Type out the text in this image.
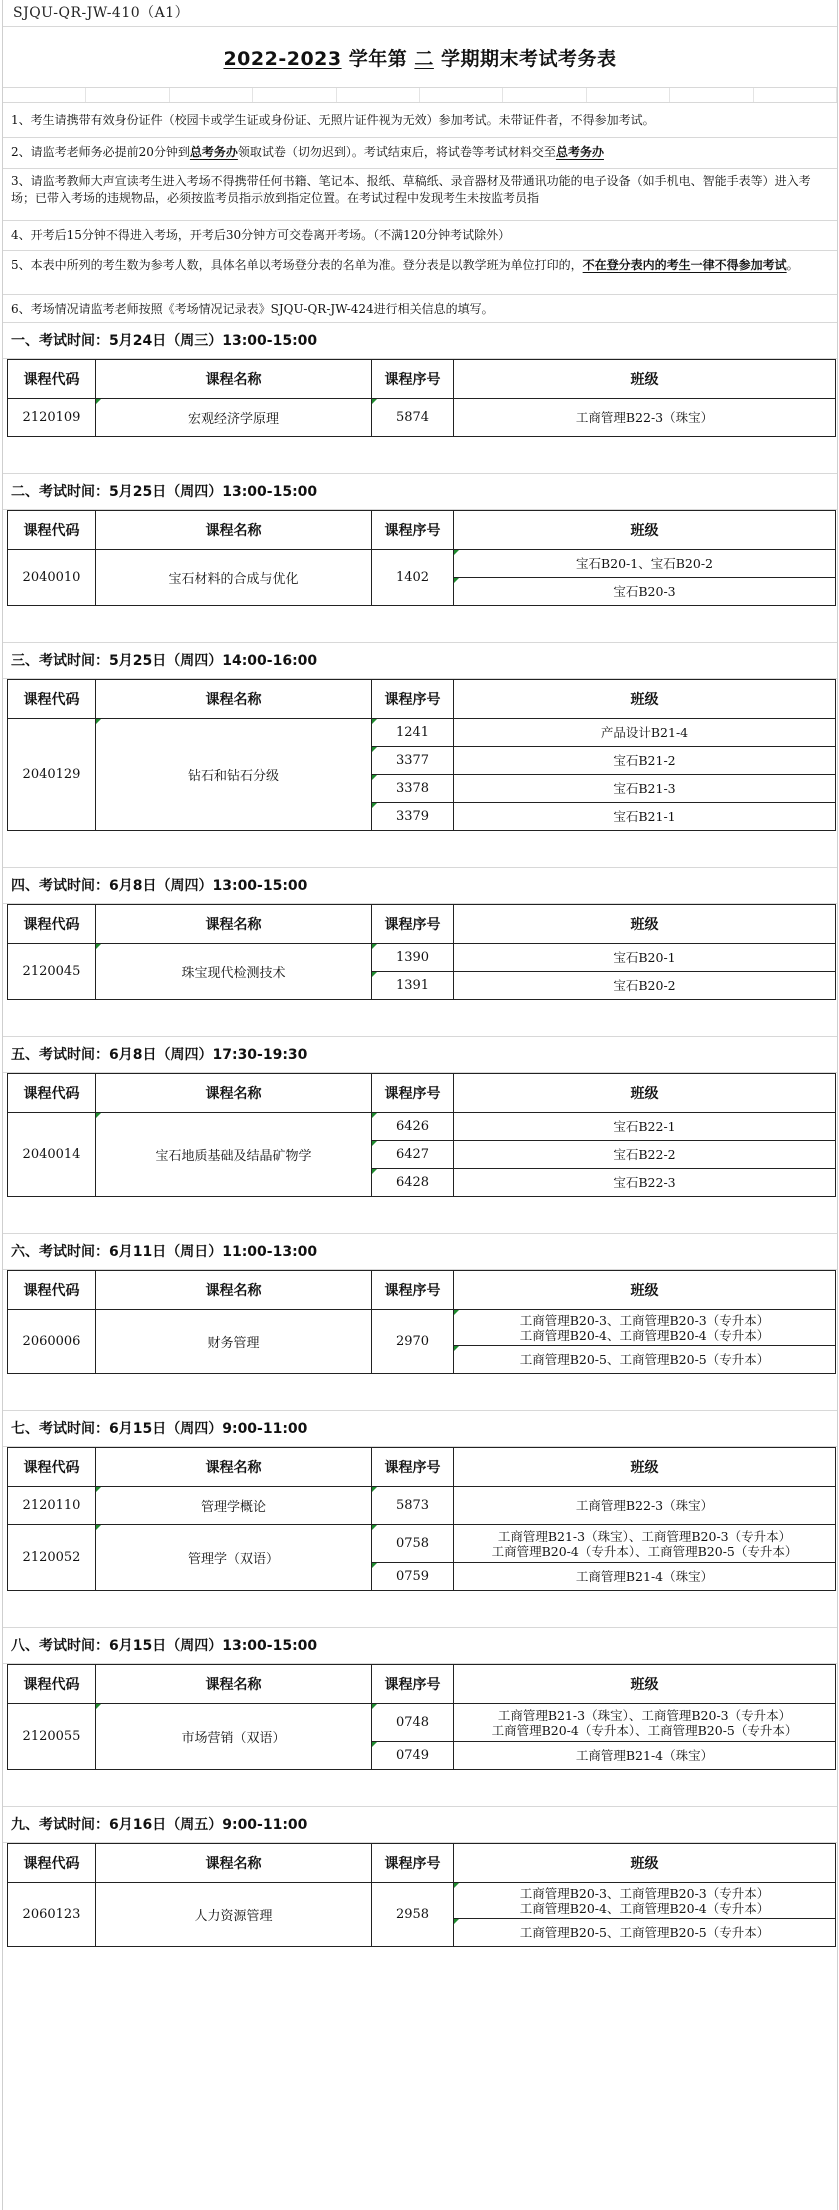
SJQU-QR-JW-410（A1）
2022-2023 学年第 二 学期期末考试考务表
1、考生请携带有效身份证件（校园卡或学生证或身份证、无照片证件视为无效）参加考试。未带证件者，不得参加考试。
2、请监考老师务必提前20分钟到总考务办领取试卷（切勿迟到）。考试结束后，将试卷等考试材料交至总考务办
3、请监考教师大声宣读考生进入考场不得携带任何书籍、笔记本、报纸、草稿纸、录音器材及带通讯功能的电子设备（如手机电、智能手表等）进入考场；已带入考场的违规物品，必须按监考员指示放到指定位置。在考试过程中发现考生未按监考员指
4、开考后15分钟不得进入考场，开考后30分钟方可交卷离开考场。（不满120分钟考试除外）
5、本表中所列的考生数为参考人数，具体名单以考场登分表的名单为准。登分表是以教学班为单位打印的，不在登分表内的考生一律不得参加考试。
6、考场情况请监考老师按照《考场情况记录表》SJQU-QR-JW-424进行相关信息的填写。
一、考试时间：5月24日（周三）13:00-15:00
课程代码	课程名称	课程序号	班级
2120109	宏观经济学原理	5874	工商管理B22-3（珠宝）
二、考试时间：5月25日（周四）13:00-15:00
课程代码	课程名称	课程序号	班级
2040010	宝石材料的合成与优化	1402	宝石B20-1、宝石B20-2
			宝石B20-3
三、考试时间：5月25日（周四）14:00-16:00
课程代码	课程名称	课程序号	班级
2040129	钻石和钻石分级	1241	产品设计B21-4
		3377	宝石B21-2
		3378	宝石B21-3
		3379	宝石B21-1
四、考试时间：6月8日（周四）13:00-15:00
课程代码	课程名称	课程序号	班级
2120045	珠宝现代检测技术	1390	宝石B20-1
		1391	宝石B20-2
五、考试时间：6月8日（周四）17:30-19:30
课程代码	课程名称	课程序号	班级
2040014	宝石地质基础及结晶矿物学	6426	宝石B22-1
		6427	宝石B22-2
		6428	宝石B22-3
六、考试时间：6月11日（周日）11:00-13:00
课程代码	课程名称	课程序号	班级
2060006	财务管理	2970	工商管理B20-3、工商管理B20-3（专升本）
工商管理B20-4、工商管理B20-4（专升本）
			工商管理B20-5、工商管理B20-5（专升本）
七、考试时间：6月15日（周四）9:00-11:00
课程代码	课程名称	课程序号	班级
2120110	管理学概论	5873	工商管理B22-3（珠宝）
2120052	管理学（双语）	0758	工商管理B21-3（珠宝）、工商管理B20-3（专升本）
工商管理B20-4（专升本）、工商管理B20-5（专升本）
		0759	工商管理B21-4（珠宝）
八、考试时间：6月15日（周四）13:00-15:00
课程代码	课程名称	课程序号	班级
2120055	市场营销（双语）	0748	工商管理B21-3（珠宝）、工商管理B20-3（专升本）
工商管理B20-4（专升本）、工商管理B20-5（专升本）
		0749	工商管理B21-4（珠宝）
九、考试时间：6月16日（周五）9:00-11:00
课程代码	课程名称	课程序号	班级
2060123	人力资源管理	2958	工商管理B20-3、工商管理B20-3（专升本）
工商管理B20-4、工商管理B20-4（专升本）
			工商管理B20-5、工商管理B20-5（专升本）
